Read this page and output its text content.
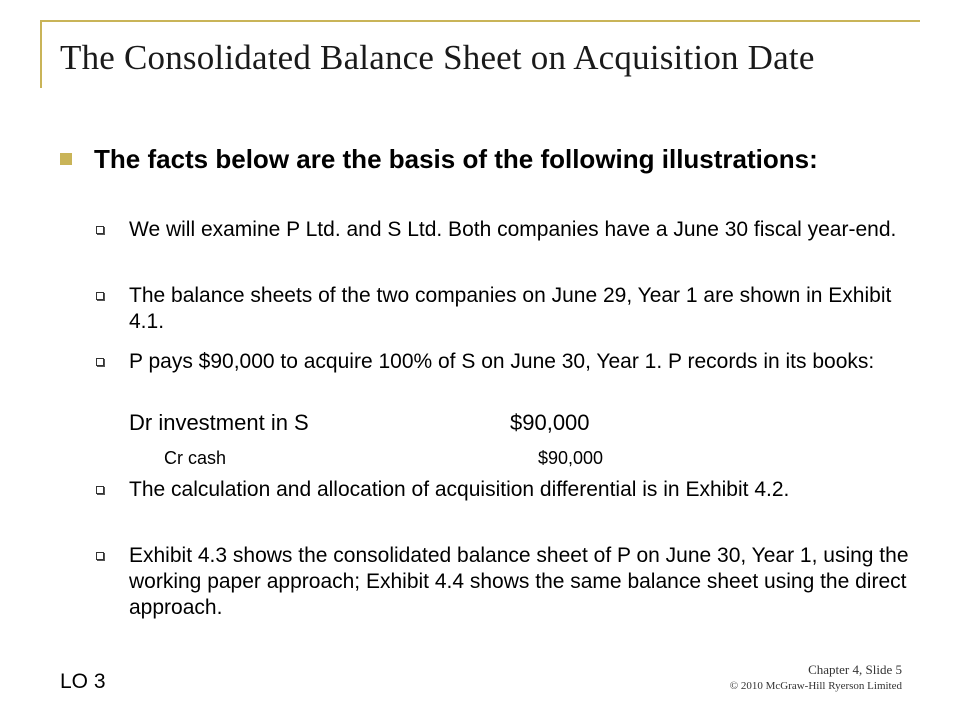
The Consolidated Balance Sheet on Acquisition Date
The facts below are the basis of the following illustrations:
We will examine P Ltd. and S Ltd. Both companies have a June 30 fiscal year-end.
The balance sheets of the two companies on June 29, Year 1 are shown in Exhibit 4.1.
P pays $90,000 to acquire 100% of S on June 30, Year 1. P records in its books:
Dr investment in S	$90,000
Cr cash	$90,000
The calculation and allocation of acquisition differential is in Exhibit 4.2.
Exhibit 4.3 shows the consolidated balance sheet of P on June 30, Year 1, using the working paper approach; Exhibit 4.4 shows the same balance sheet using the direct approach.
LO 3
Chapter 4, Slide 5
© 2010 McGraw-Hill Ryerson Limited
